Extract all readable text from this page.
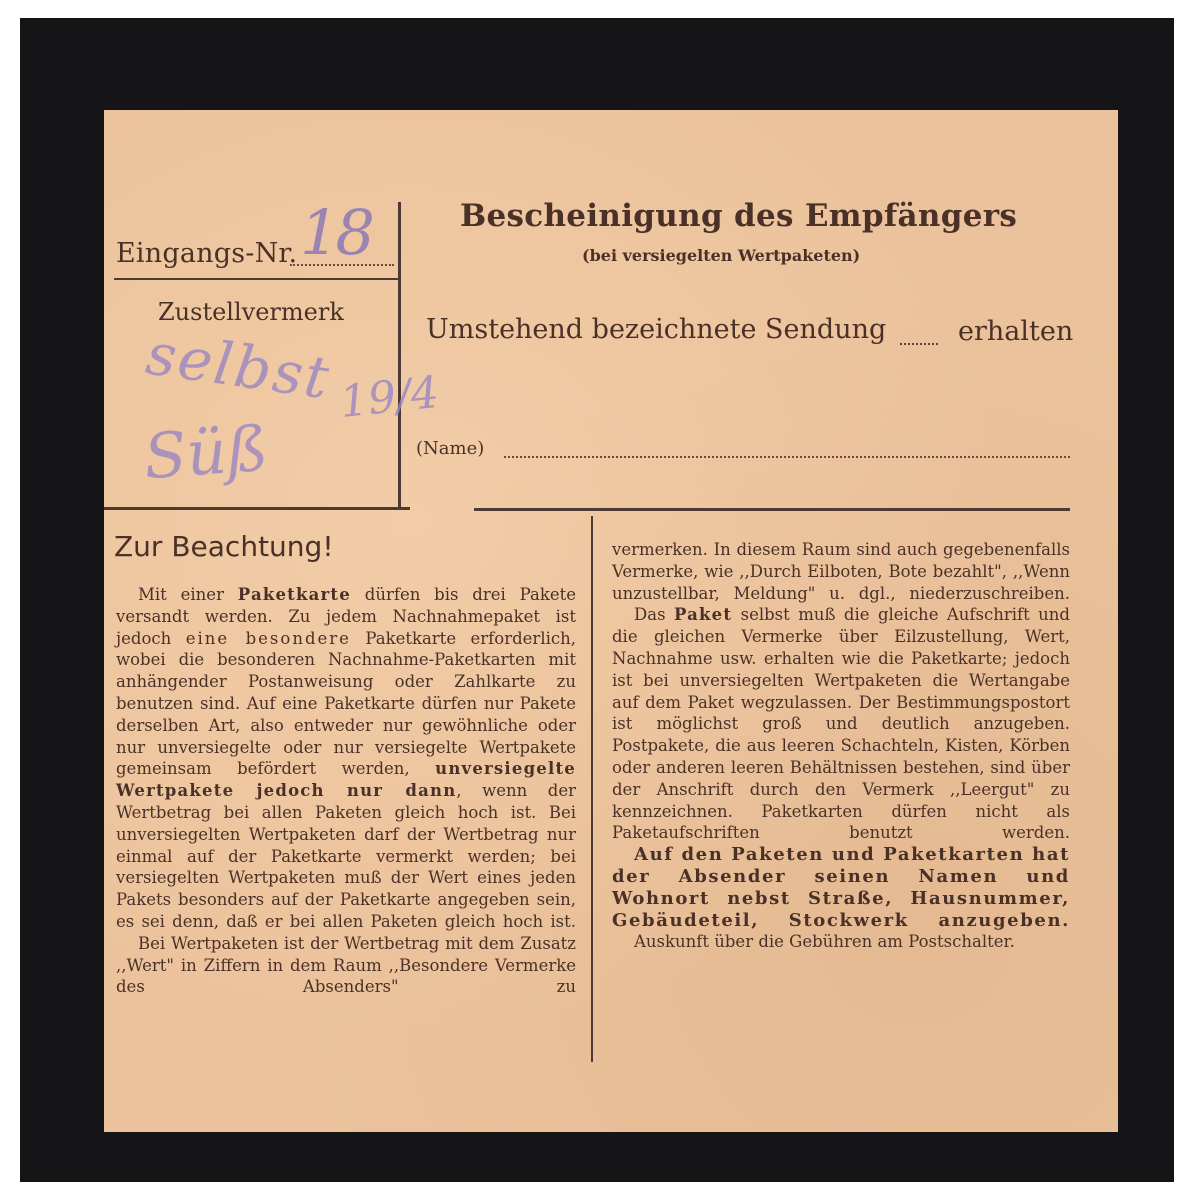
Eingangs-Nr. 18
Zustellvermerk
selbst 19/4
Süß
Bescheinigung des Empfängers
(bei versiegelten Wertpaketen)
Umstehend bezeichnete Sendung	erhalten
(Name)
Zur Beachtung!

Mit einer Paketkarte dürfen bis drei Pakete versandt werden. Zu jedem Nachnahmepaket ist jedoch eine besondere Paketkarte erforderlich, wobei die besonderen Nachnahme-Paketkarten mit anhängender Postanweisung oder Zahlkarte zu benutzen sind. Auf eine Paketkarte dürfen nur Pakete derselben Art, also entweder nur gewöhnliche oder nur unversiegelte oder nur versiegelte Wertpakete gemeinsam befördert werden, unversiegelte Wertpakete jedoch nur dann, wenn der Wertbetrag bei allen Paketen gleich hoch ist. Bei unversiegelten Wertpaketen darf der Wertbetrag nur einmal auf der Paketkarte vermerkt werden; bei versiegelten Wertpaketen muß der Wert eines jeden Pakets besonders auf der Paketkarte angegeben sein, es sei denn, daß er bei allen Paketen gleich hoch ist.

Bei Wertpaketen ist der Wertbetrag mit dem Zusatz ,,Wert" in Ziffern in dem Raum ,,Besondere Vermerke des Absenders" zu

vermerken. In diesem Raum sind auch gegebenenfalls Vermerke, wie ,,Durch Eilboten, Bote bezahlt", ,,Wenn unzustellbar, Meldung" u. dgl., niederzuschreiben.

Das Paket selbst muß die gleiche Aufschrift und die gleichen Vermerke über Eilzustellung, Wert, Nachnahme usw. erhalten wie die Paketkarte; jedoch ist bei unversiegelten Wertpaketen die Wertangabe auf dem Paket wegzulassen. Der Bestimmungspostort ist möglichst groß und deutlich anzugeben. Postpakete, die aus leeren Schachteln, Kisten, Körben oder anderen leeren Behältnissen bestehen, sind über der Anschrift durch den Vermerk ,,Leergut" zu kennzeichnen. Paketkarten dürfen nicht als Paketaufschriften benutzt werden.

Auf den Paketen und Paketkarten hat der Absender seinen Namen und Wohnort nebst Straße, Hausnummer, Gebäudeteil, Stockwerk anzugeben.

Auskunft über die Gebühren am Postschalter.
